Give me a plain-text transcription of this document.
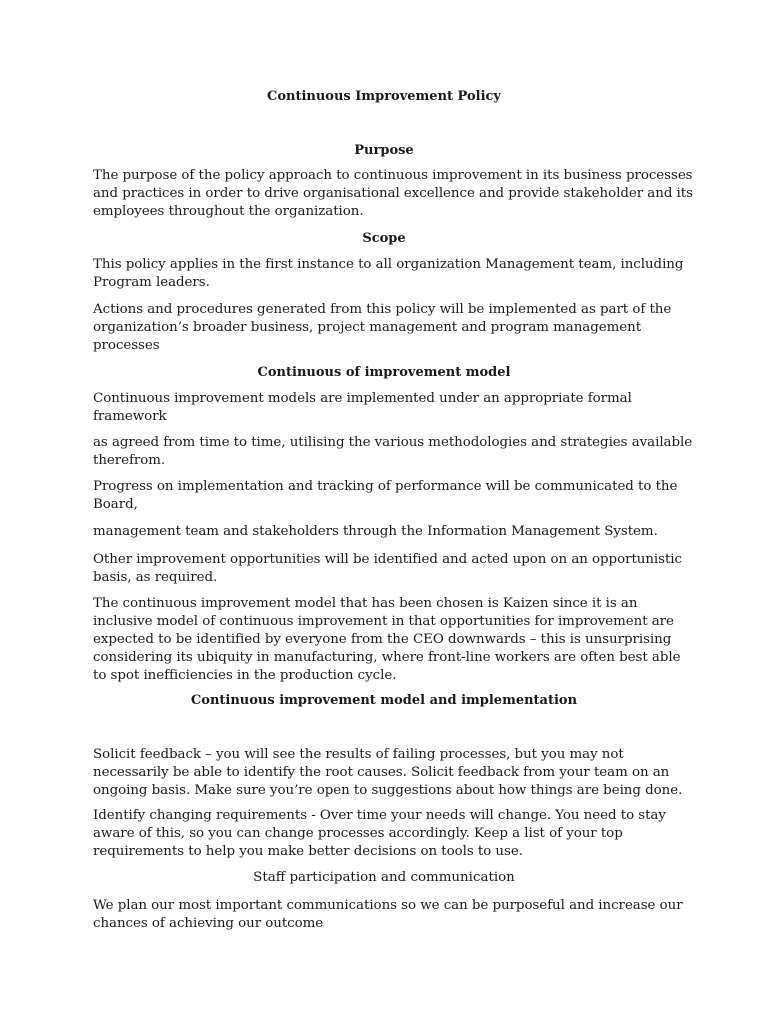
Continuous Improvement Policy
Purpose
The purpose of the policy approach to continuous improvement in its business processes
and practices in order to drive organisational excellence and provide stakeholder and its
employees throughout the organization.
Scope
This policy applies in the first instance to all organization Management team, including
Program leaders.
Actions and procedures generated from this policy will be implemented as part of the
organization’s broader business, project management and program management
processes
Continuous of improvement model
Continuous improvement models are implemented under an appropriate formal
framework
as agreed from time to time, utilising the various methodologies and strategies available
therefrom.
Progress on implementation and tracking of performance will be communicated to the
Board,
management team and stakeholders through the Information Management System.
Other improvement opportunities will be identified and acted upon on an opportunistic
basis, as required.
The continuous improvement model that has been chosen is Kaizen since it is an
inclusive model of continuous improvement in that opportunities for improvement are
expected to be identified by everyone from the CEO downwards – this is unsurprising
considering its ubiquity in manufacturing, where front-line workers are often best able
to spot inefficiencies in the production cycle.
Continuous improvement model and implementation
Solicit feedback – you will see the results of failing processes, but you may not
necessarily be able to identify the root causes. Solicit feedback from your team on an
ongoing basis. Make sure you’re open to suggestions about how things are being done.
Identify changing requirements - Over time your needs will change. You need to stay
aware of this, so you can change processes accordingly. Keep a list of your top
requirements to help you make better decisions on tools to use.
Staff participation and communication
We plan our most important communications so we can be purposeful and increase our
chances of achieving our outcome
